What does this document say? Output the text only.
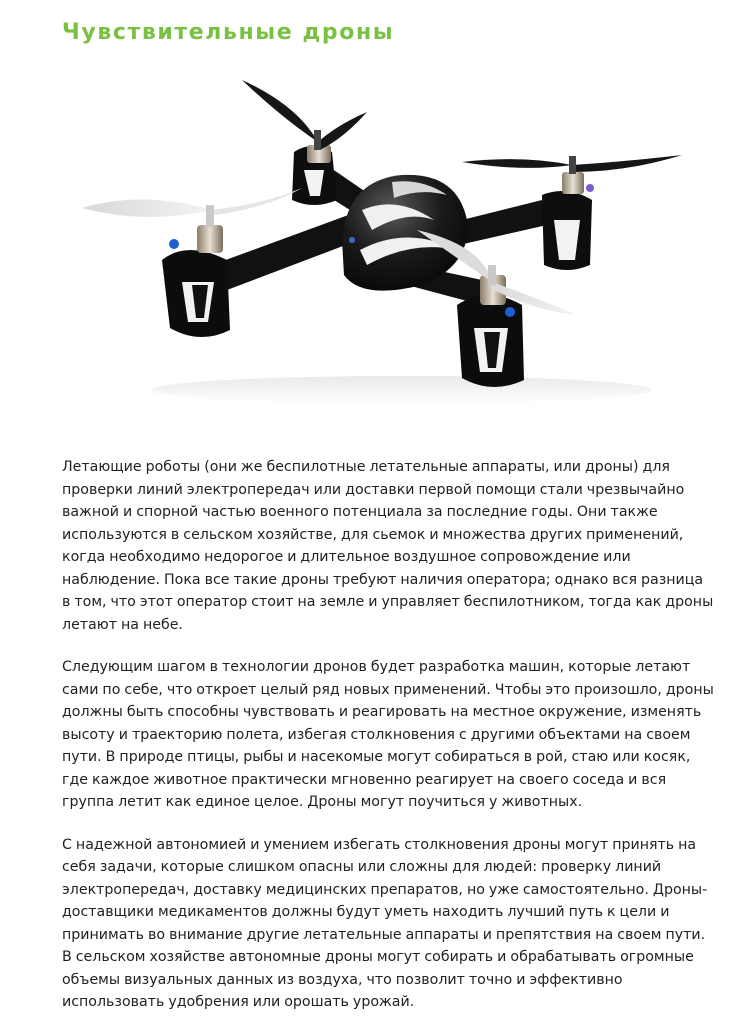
Чувствительные дроны

Летающие роботы (они же беспилотные летательные аппараты, или дроны) для проверки линий электропередач или доставки первой помощи стали чрезвычайно важной и спорной частью военного потенциала за последние годы. Они также используются в сельском хозяйстве, для сьемок и множества других применений, когда необходимо недорогое и длительное воздушное сопровождение или наблюдение. Пока все такие дроны требуют наличия оператора; однако вся разница в том, что этот оператор стоит на земле и управляет беспилотником, тогда как дроны летают на небе.

Следующим шагом в технологии дронов будет разработка машин, которые летают сами по себе, что откроет целый ряд новых применений. Чтобы это произошло, дроны должны быть способны чувствовать и реагировать на местное окружение, изменять высоту и траекторию полета, избегая столкновения с другими объектами на своем пути. В природе птицы, рыбы и насекомые могут собираться в рой, стаю или косяк, где каждое животное практически мгновенно реагирует на своего соседа и вся группа летит как единое целое. Дроны могут поучиться у животных.

С надежной автономией и умением избегать столкновения дроны могут принять на себя задачи, которые слишком опасны или сложны для людей: проверку линий электропередач, доставку медицинских препаратов, но уже самостоятельно. Дроны-доставщики медикаментов должны будут уметь находить лучший путь к цели и принимать во внимание другие летательные аппараты и препятствия на своем пути. В сельском хозяйстве автономные дроны могут собирать и обрабатывать огромные объемы визуальных данных из воздуха, что позволит точно и эффективно использовать удобрения или орошать урожай.
